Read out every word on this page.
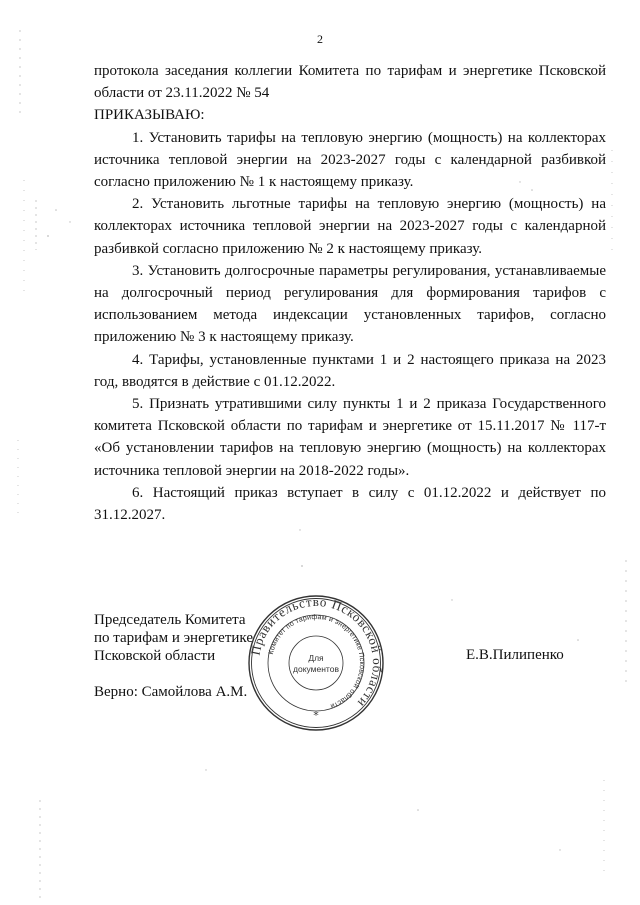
2

протокола заседания коллегии Комитета по тарифам и энергетике Псковской области от 23.11.2022 № 54

ПРИКАЗЫВАЮ:

1. Установить тарифы на тепловую энергию (мощность) на коллекторах источника тепловой энергии на 2023-2027 годы с календарной разбивкой согласно приложению № 1 к настоящему приказу.

2. Установить льготные тарифы на тепловую энергию (мощность) на коллекторах источника тепловой энергии на 2023-2027 годы с календарной разбивкой согласно приложению № 2 к настоящему приказу.

3. Установить долгосрочные параметры регулирования, устанавливаемые на долгосрочный период регулирования для формирования тарифов с использованием метода индексации установленных тарифов, согласно приложению № 3 к настоящему приказу.

4. Тарифы, установленные пунктами 1 и 2 настоящего приказа на 2023 год, вводятся в действие с 01.12.2022.

5. Признать утратившими силу пункты 1 и 2 приказа Государственного комитета Псковской области по тарифам и энергетике от 15.11.2017 № 117-т «Об установлении тарифов на тепловую энергию (мощность) на коллекторах источника тепловой энергии на 2018-2022 годы».

6. Настоящий приказ вступает в силу с 01.12.2022 и действует по 31.12.2027.

Председатель Комитета
по тарифам и энергетике
Псковской области	Е.В.Пилипенко
Верно: Самойлова А.М.
Правительство Псковской области
Комитет по тарифам и энергетике Псковской области
Для
документов
*
